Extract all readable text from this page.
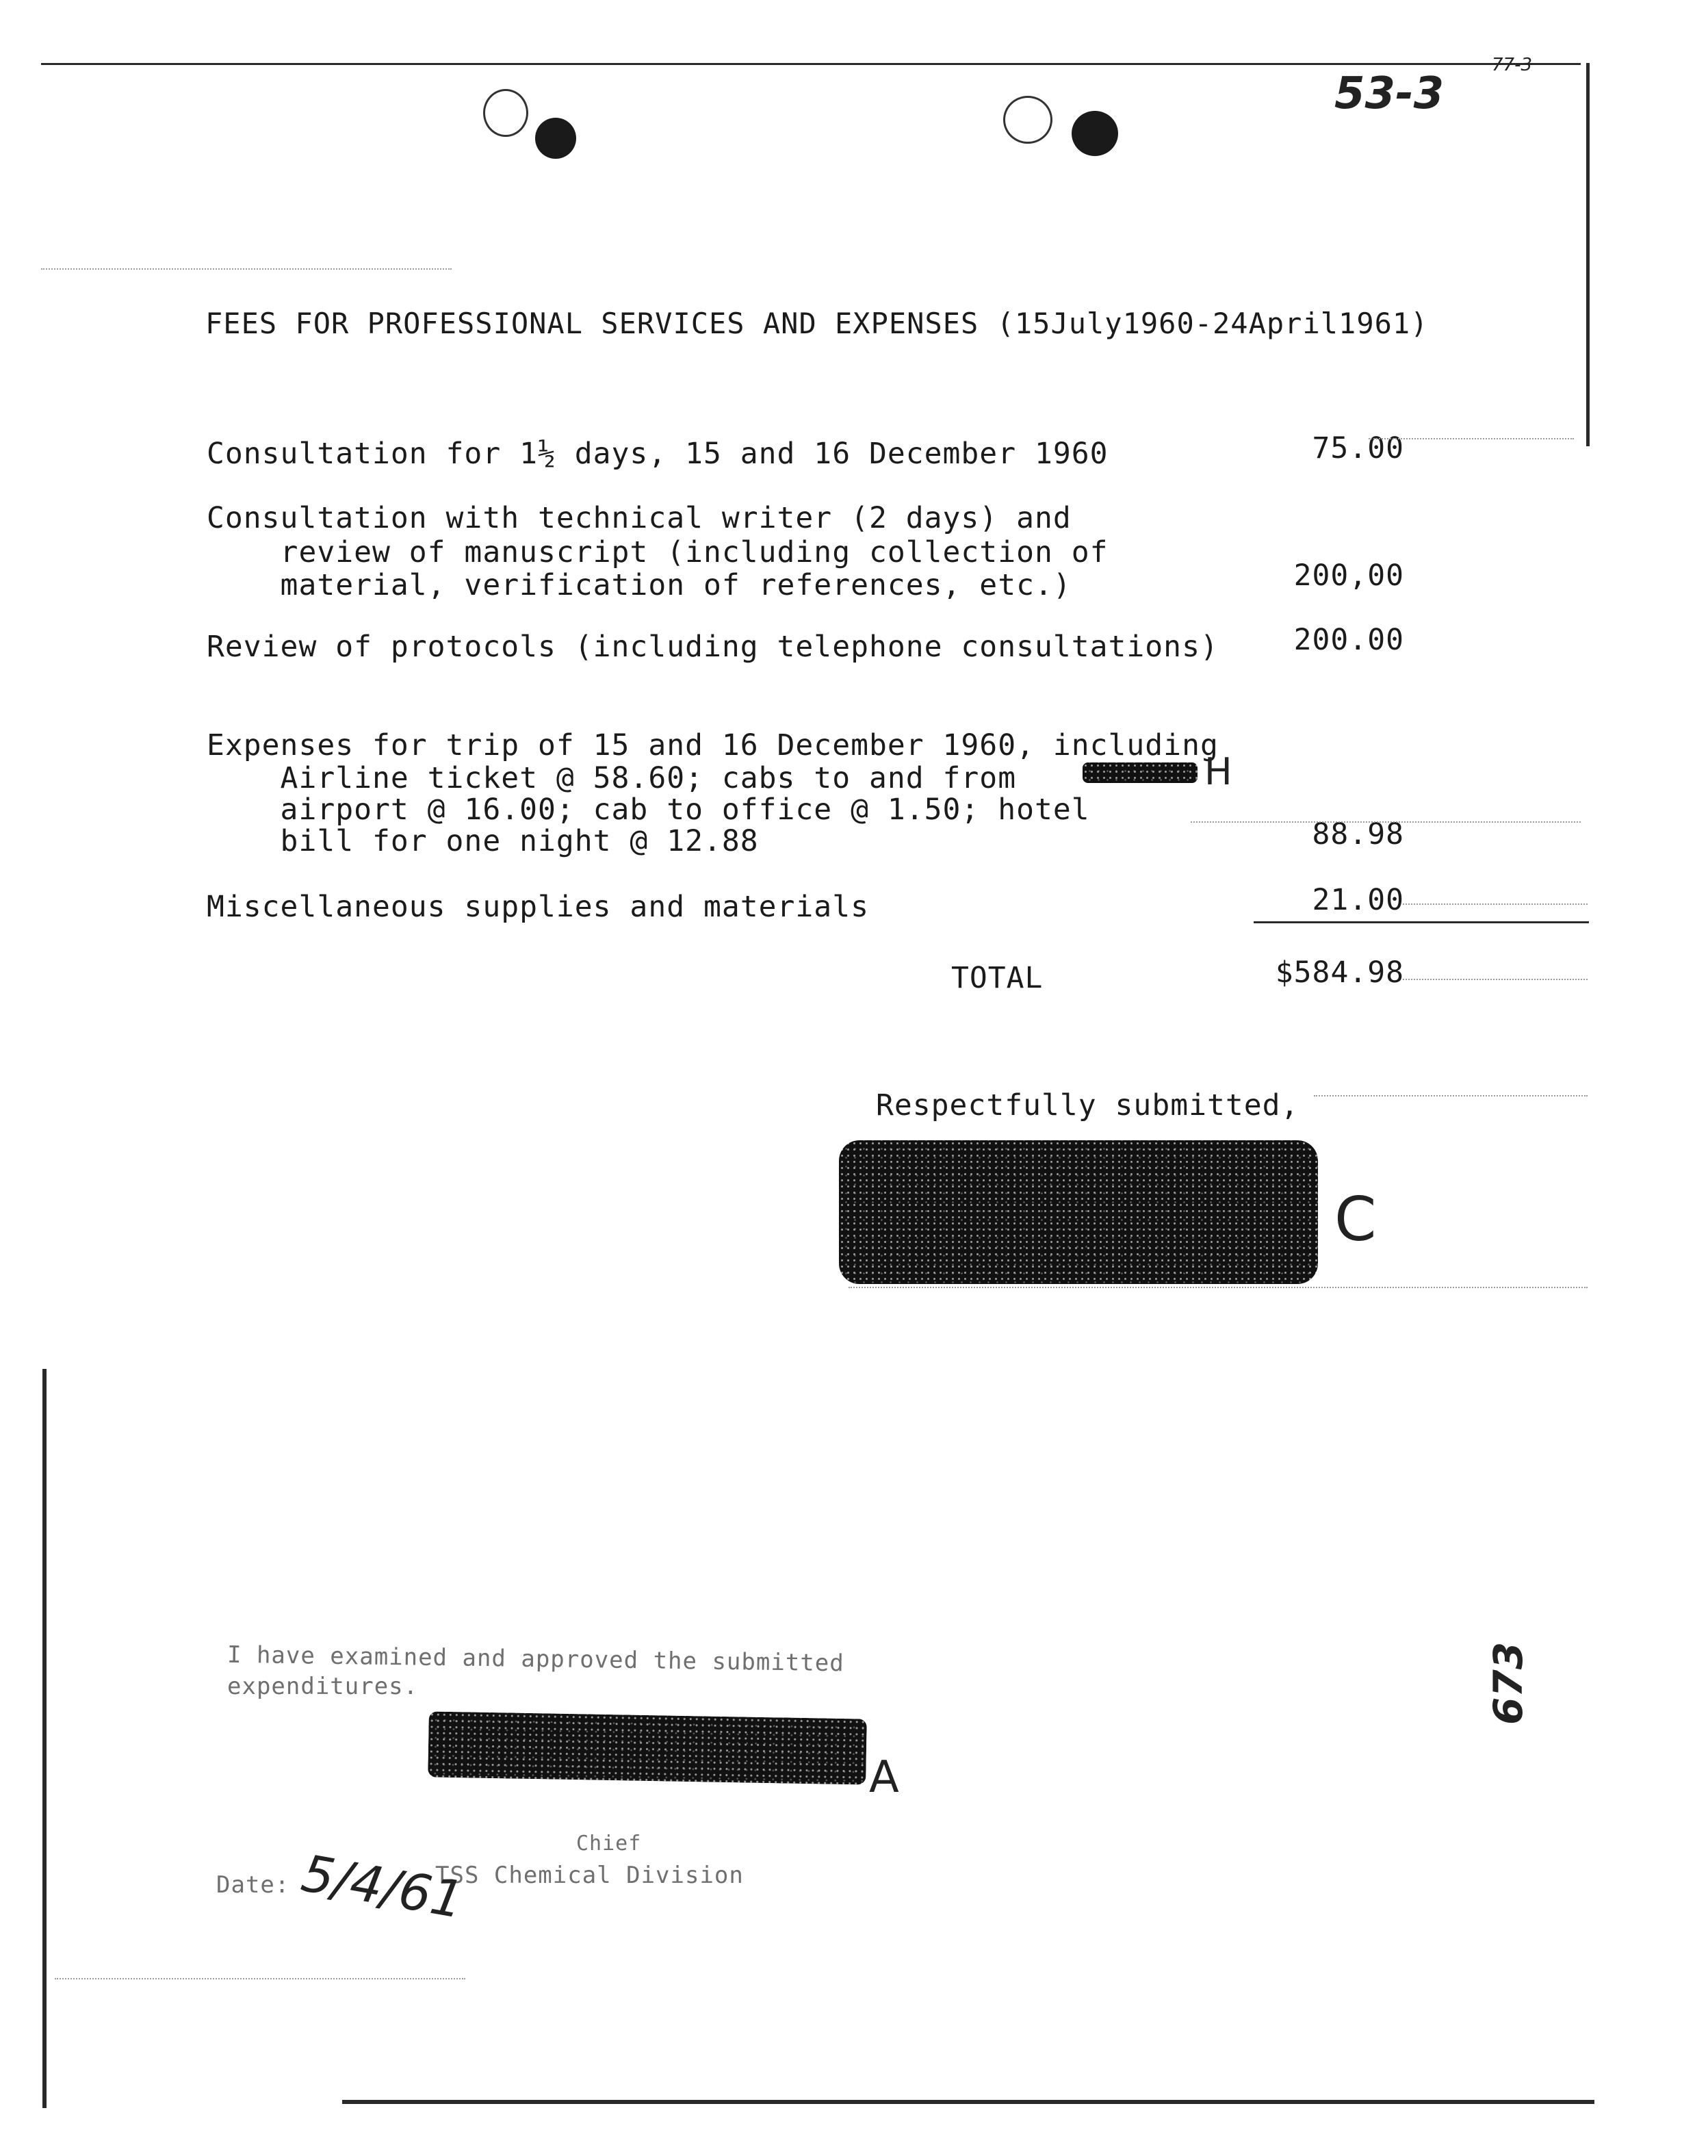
53-3
77-3
FEES FOR PROFESSIONAL SERVICES AND EXPENSES (15July1960-24April1961)
Consultation for 1½ days, 15 and 16 December 1960	75.00
Consultation with technical writer (2 days) and
review of manuscript (including collection of
material, verification of references, etc.)	200,00
Review of protocols (including telephone consultations)	200.00
Expenses for trip of 15 and 16 December 1960, including
Airline ticket @ 58.60; cabs to and from
airport @ 16.00; cab to office @ 1.50; hotel
bill for one night @ 12.88	88.98
H
Miscellaneous supplies and materials	21.00
TOTAL	$584.98
Respectfully submitted,
C
673
I have examined and approved the submitted
expenditures.
A
Chief
TSS Chemical Division
Date: 5/4/61
